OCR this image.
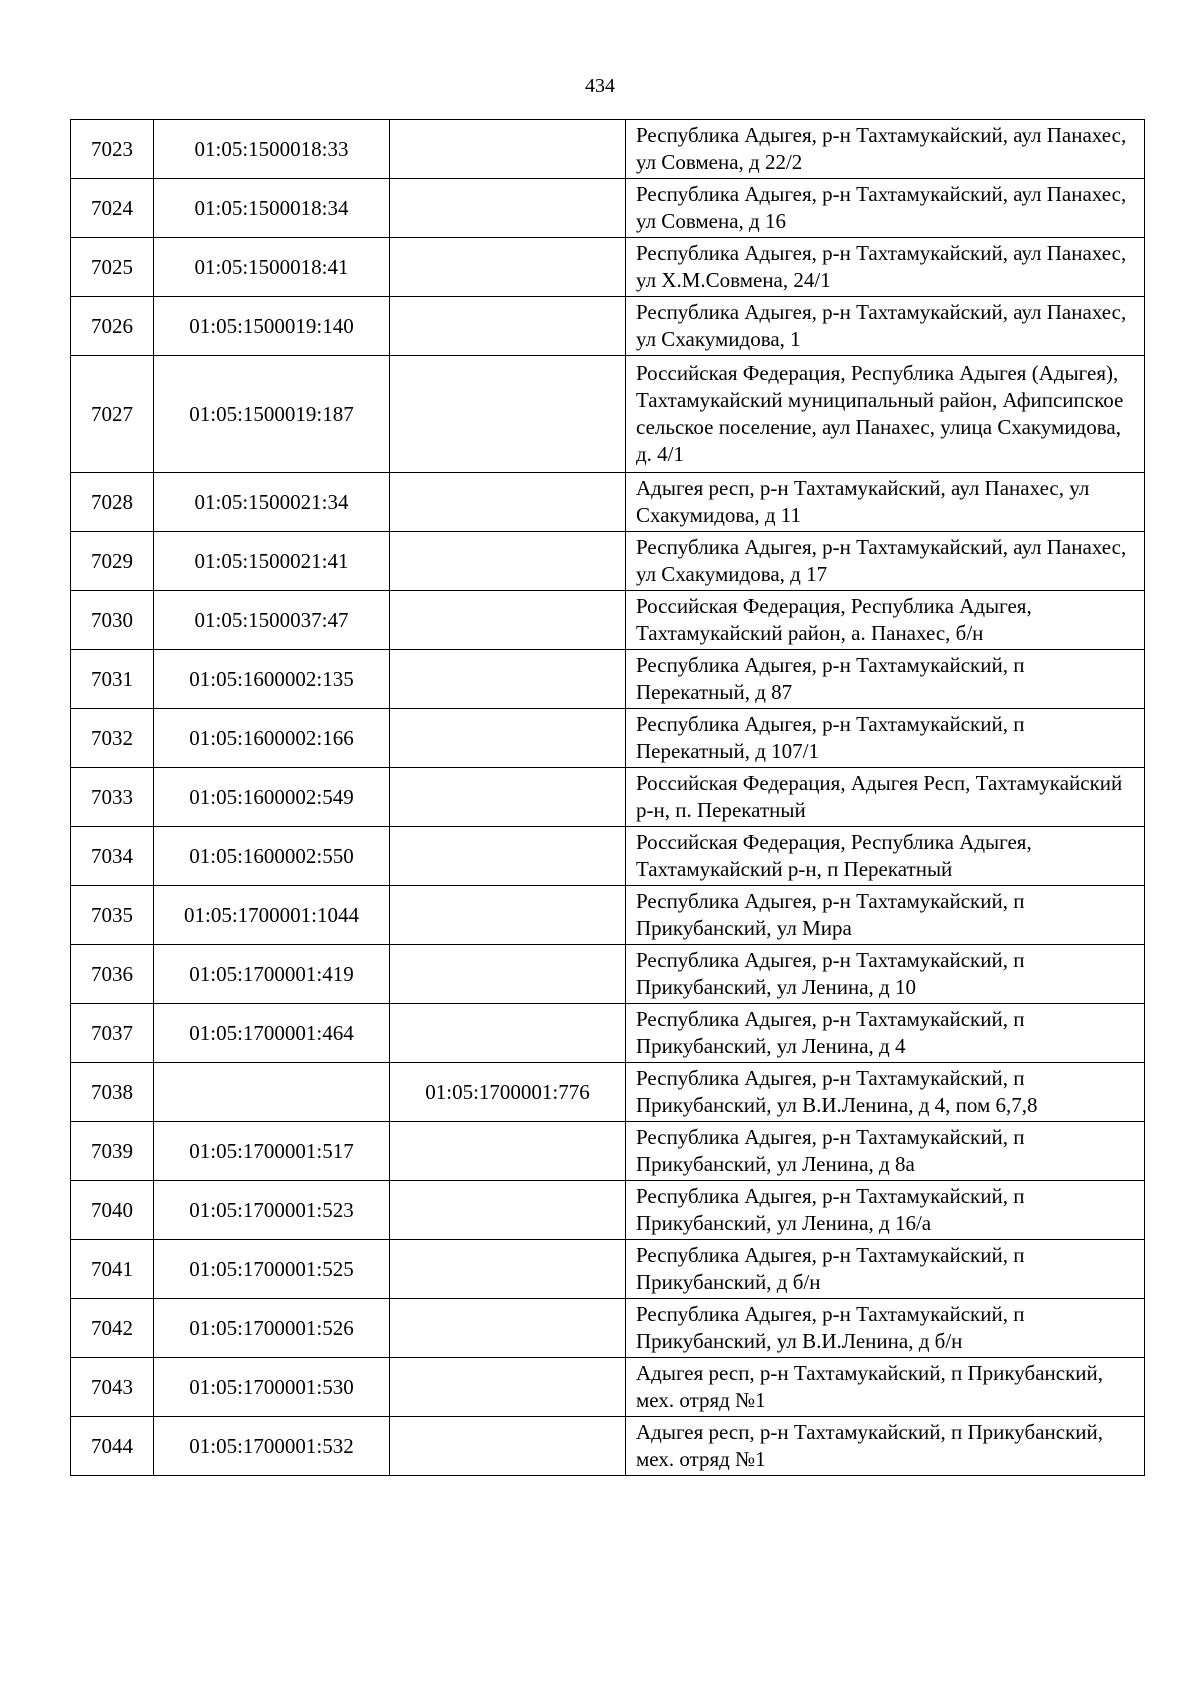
434
7023	01:05:1500018:33		Республика Адыгея, р-н Тахтамукайский, аул Панахес, ул Совмена, д 22/2
7024	01:05:1500018:34		Республика Адыгея, р-н Тахтамукайский, аул Панахес, ул Совмена, д 16
7025	01:05:1500018:41		Республика Адыгея, р-н Тахтамукайский, аул Панахес, ул Х.М.Совмена, 24/1
7026	01:05:1500019:140		Республика Адыгея, р-н Тахтамукайский, аул Панахес, ул Схакумидова, 1
7027	01:05:1500019:187		Российская Федерация, Республика Адыгея (Адыгея), Тахтамукайский муниципальный район, Афипсипское сельское поселение, аул Панахес, улица Схакумидова, д. 4/1
7028	01:05:1500021:34		Адыгея респ, р-н Тахтамукайский, аул Панахес, ул Схакумидова, д 11
7029	01:05:1500021:41		Республика Адыгея, р-н Тахтамукайский, аул Панахес, ул Схакумидова, д 17
7030	01:05:1500037:47		Российская Федерация, Республика Адыгея, Тахтамукайский район, а. Панахес, б/н
7031	01:05:1600002:135		Республика Адыгея, р-н Тахтамукайский, п Перекатный, д 87
7032	01:05:1600002:166		Республика Адыгея, р-н Тахтамукайский, п Перекатный, д 107/1
7033	01:05:1600002:549		Российская Федерация, Адыгея Респ, Тахтамукайский р-н, п. Перекатный
7034	01:05:1600002:550		Российская Федерация, Республика Адыгея, Тахтамукайский р-н, п Перекатный
7035	01:05:1700001:1044		Республика Адыгея, р-н Тахтамукайский, п Прикубанский, ул Мира
7036	01:05:1700001:419		Республика Адыгея, р-н Тахтамукайский, п Прикубанский, ул Ленина, д 10
7037	01:05:1700001:464		Республика Адыгея, р-н Тахтамукайский, п Прикубанский, ул Ленина, д 4
7038		01:05:1700001:776	Республика Адыгея, р-н Тахтамукайский, п Прикубанский, ул В.И.Ленина, д 4, пом 6,7,8
7039	01:05:1700001:517		Республика Адыгея, р-н Тахтамукайский, п Прикубанский, ул Ленина, д 8а
7040	01:05:1700001:523		Республика Адыгея, р-н Тахтамукайский, п Прикубанский, ул Ленина, д 16/а
7041	01:05:1700001:525		Республика Адыгея, р-н Тахтамукайский, п Прикубанский, д б/н
7042	01:05:1700001:526		Республика Адыгея, р-н Тахтамукайский, п Прикубанский, ул В.И.Ленина, д б/н
7043	01:05:1700001:530		Адыгея респ, р-н Тахтамукайский, п Прикубанский, мех. отряд №1
7044	01:05:1700001:532		Адыгея респ, р-н Тахтамукайский, п Прикубанский, мех. отряд №1
